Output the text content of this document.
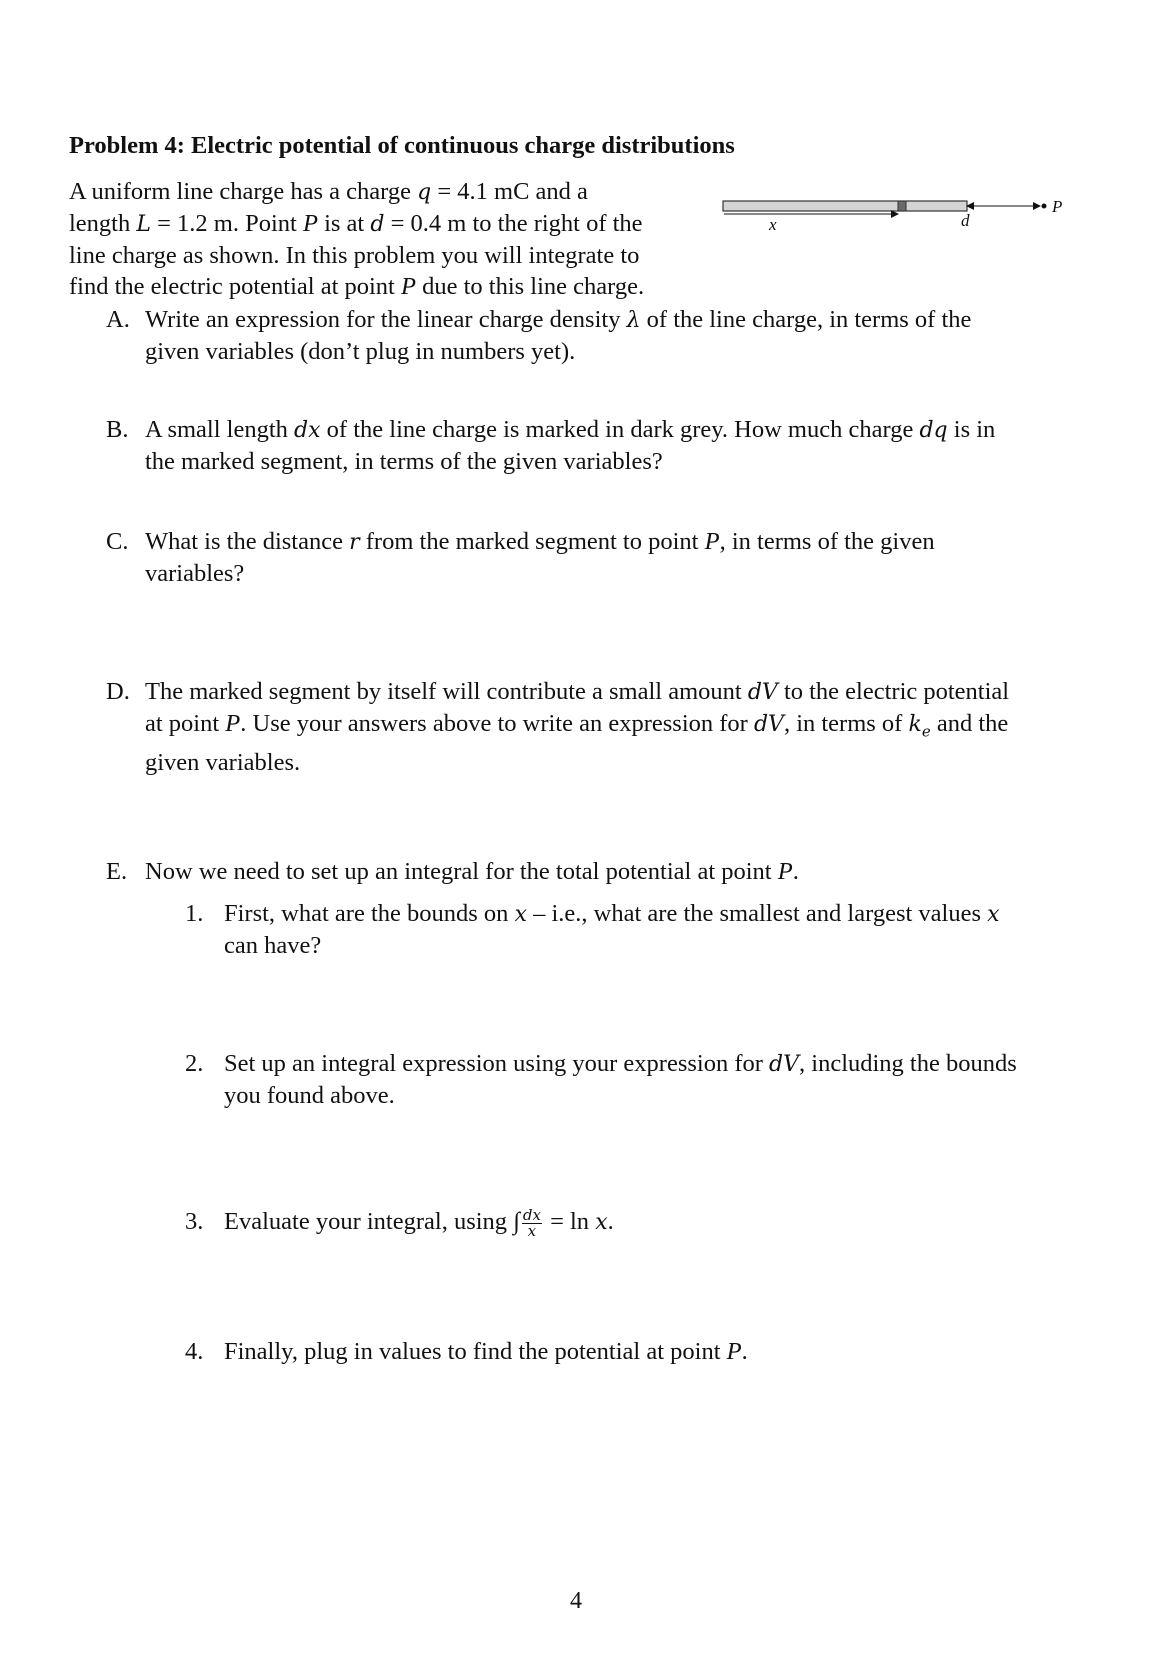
Problem 4: Electric potential of continuous charge distributions
A uniform line charge has a charge q = 4.1 mC and a
length L = 1.2 m. Point P is at d = 0.4 m to the right of the
line charge as shown. In this problem you will integrate to
find the electric potential at point P due to this line charge.
x	d
P
A. Write an expression for the linear charge density λ of the line charge, in terms of the
given variables (don’t plug in numbers yet).
B. A small length dx of the line charge is marked in dark grey. How much charge dq is in
the marked segment, in terms of the given variables?
C. What is the distance r from the marked segment to point P, in terms of the given
variables?
D. The marked segment by itself will contribute a small amount dV to the electric potential
at point P. Use your answers above to write an expression for dV, in terms of $k_e$ and the
given variables.
E. Now we need to set up an integral for the total potential at point P.
1. First, what are the bounds on x – i.e., what are the smallest and largest values x
can have?
2. Set up an integral expression using your expression for dV, including the bounds
you found above.
3. Evaluate your integral, using ∫ $\frac{dx}{x} = \ln x$.
4. Finally, plug in values to find the potential at point P.
4
